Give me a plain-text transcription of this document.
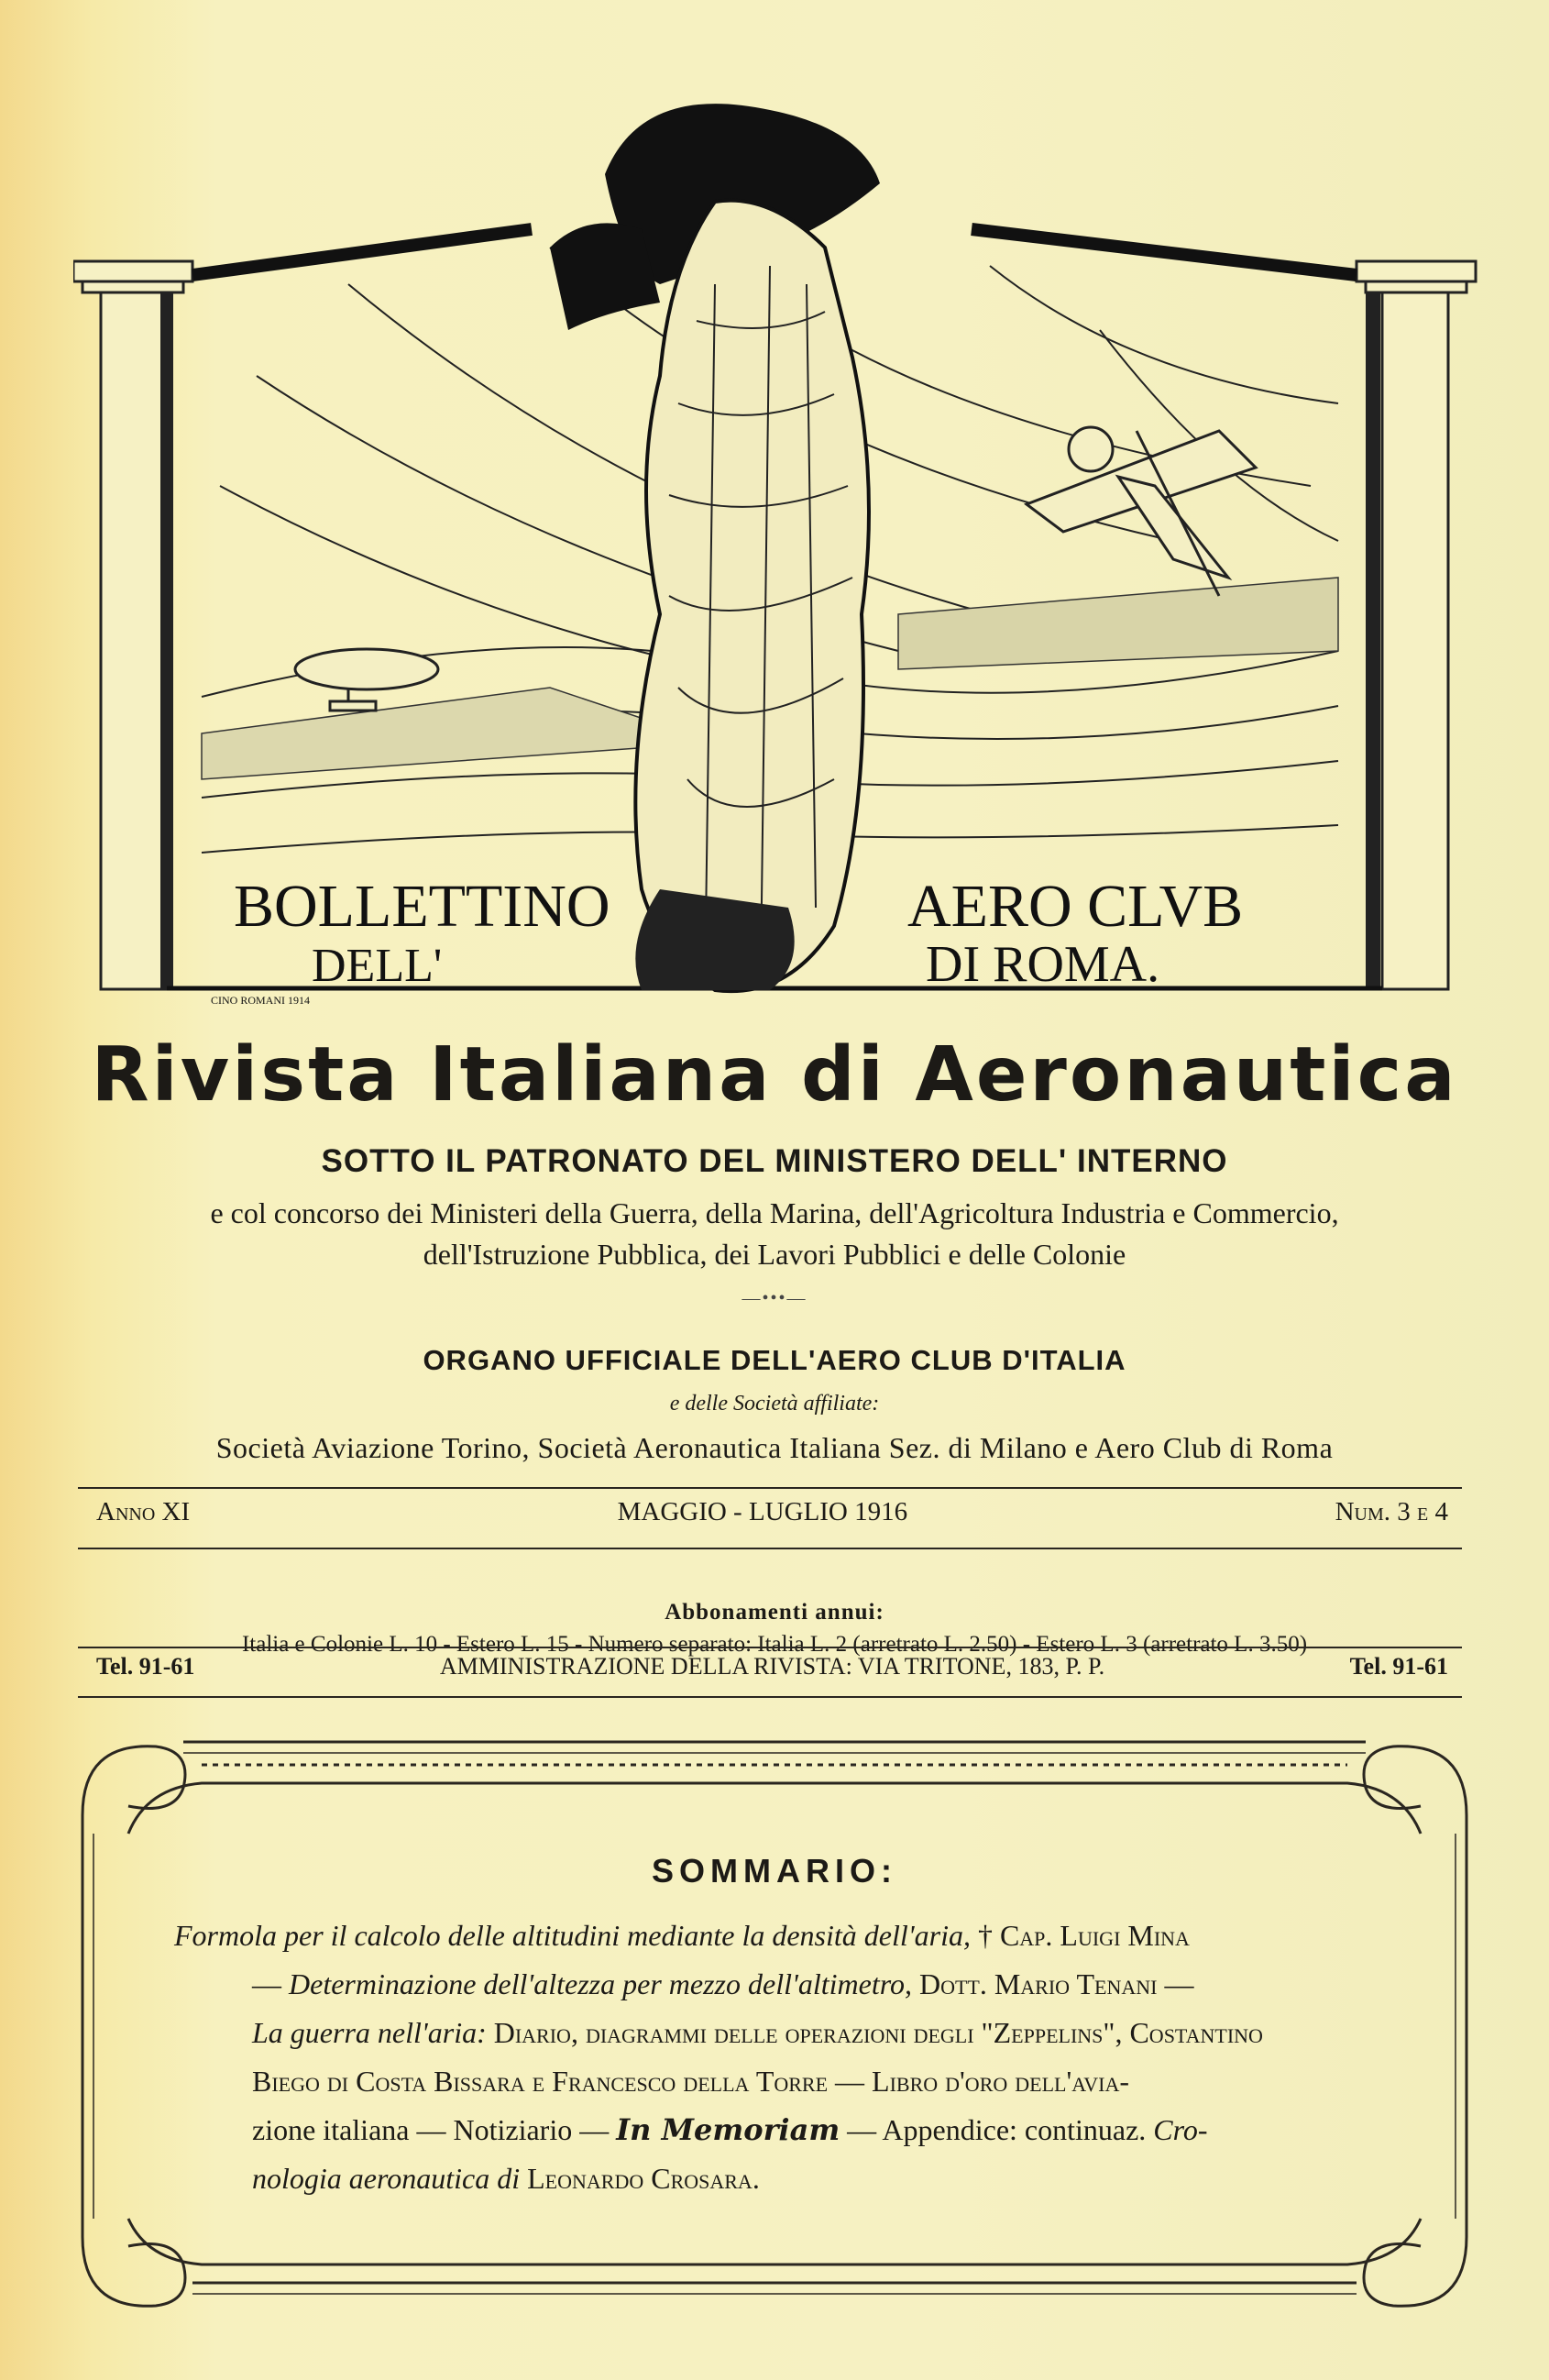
BOLLETTINO
DELL'
AERO CLVB
DI ROMA.
CINO ROMANI 1914
Rivista Italiana di Aeronautica
SOTTO IL PATRONATO DEL MINISTERO DELL' INTERNO
e col concorso dei Ministeri della Guerra, della Marina, dell'Agricoltura Industria e Commercio,
dell'Istruzione Pubblica, dei Lavori Pubblici e delle Colonie
—•••—
ORGANO UFFICIALE DELL'AERO CLUB D'ITALIA
e delle Società affiliate:
Società Aviazione Torino, Società Aeronautica Italiana Sez. di Milano e Aero Club di Roma
Anno XI	MAGGIO - LUGLIO 1916	Num. 3 e 4
Abbonamenti annui:
Italia e Colonie L. 10 - Estero L. 15 - Numero separato: Italia L. 2 (arretrato L. 2.50) - Estero L. 3 (arretrato L. 3.50)
Tel. 91-61	AMMINISTRAZIONE DELLA RIVISTA: VIA TRITONE, 183, P. P.	Tel. 91-61
SOMMARIO:
Formola per il calcolo delle altitudini mediante la densità dell'aria, † Cap. Luigi Mina
— Determinazione dell'altezza per mezzo dell'altimetro, Dott. Mario Tenani —
La guerra nell'aria: Diario, diagrammi delle operazioni degli "Zeppelins", Costantino
Biego di Costa Bissara e Francesco della Torre — Libro d'oro dell'avia-
zione italiana — Notiziario — In Memoriam — Appendice: continuaz. Cro-
nologia aeronautica di Leonardo Crosara.
